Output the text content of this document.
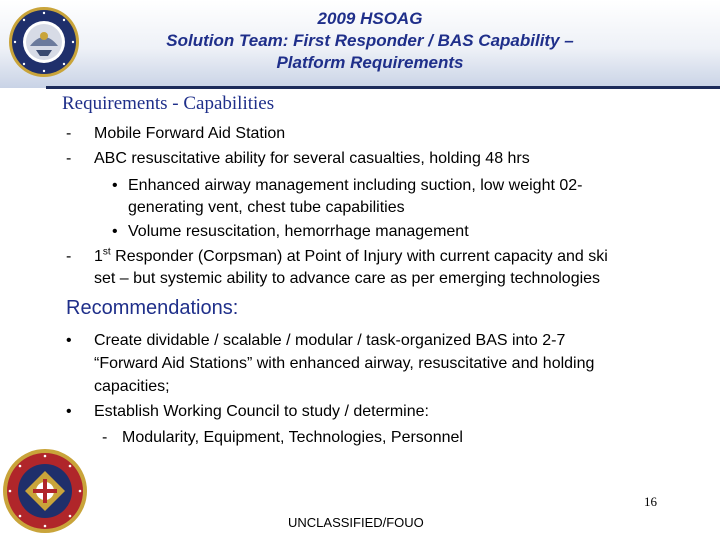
2009 HSOAG
Solution Team: First Responder / BAS Capability –
Platform Requirements
Requirements - Capabilities
- Mobile Forward Aid Station
- ABC resuscitative ability for several casualties, holding 48 hrs
• Enhanced airway management including suction, low weight 02-
generating vent, chest tube capabilities
• Volume resuscitation, hemorrhage management
- 1st Responder (Corpsman) at Point of Injury with current capacity and ski
set – but systemic ability to advance care as per emerging technologies
Recommendations:
• Create dividable / scalable / modular / task-organized BAS into 2-7
“Forward Aid Stations” with enhanced airway, resuscitative and holding
capacities;
• Establish Working Council to study / determine:
- Modularity, Equipment, Technologies, Personnel
16
UNCLASSIFIED/FOUO
